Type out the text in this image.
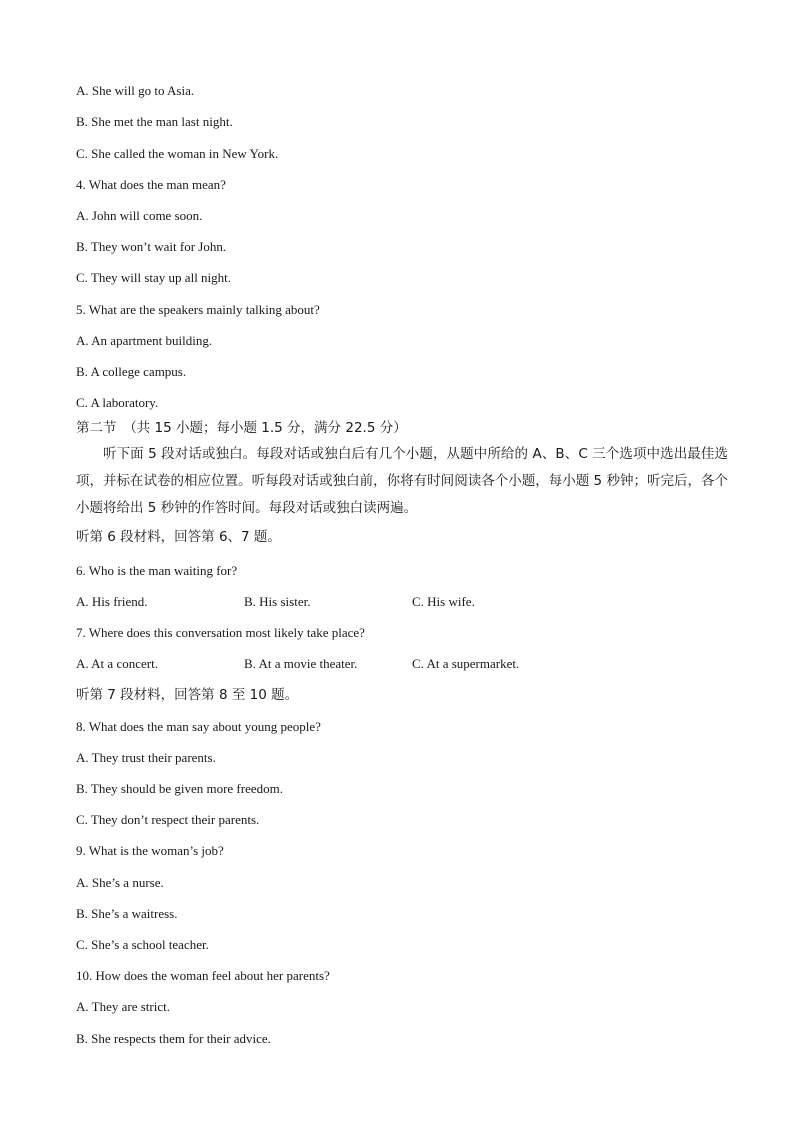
A. She will go to Asia.
B. She met the man last night.
C. She called the woman in New York.
4. What does the man mean?
A. John will come soon.
B. They won’t wait for John.
C. They will stay up all night.
5. What are the speakers mainly talking about?
A. An apartment building.
B. A college campus.
C. A laboratory.
第二节　（共 15 小题；每小题 1.5 分，满分 22.5 分）
听下面 5 段对话或独白。每段对话或独白后有几个小题，从题中所给的 A、B、C 三个选项中选出最佳选项，并标在试卷的相应位置。听每段对话或独白前，你将有时间阅读各个小题，每小题 5 秒钟；听完后，各个小题将给出 5 秒钟的作答时间。每段对话或独白读两遍。
听第 6 段材料，回答第 6、7 题。
6. Who is the man waiting for?
A. His friend.	B. His sister.	C. His wife.
7. Where does this conversation most likely take place?
A. At a concert.	B. At a movie theater.	C. At a supermarket.
听第 7 段材料，回答第 8 至 10 题。
8. What does the man say about young people?
A. They trust their parents.
B. They should be given more freedom.
C. They don’t respect their parents.
9. What is the woman’s job?
A. She’s a nurse.
B. She’s a waitress.
C. She’s a school teacher.
10. How does the woman feel about her parents?
A. They are strict.
B. She respects them for their advice.
